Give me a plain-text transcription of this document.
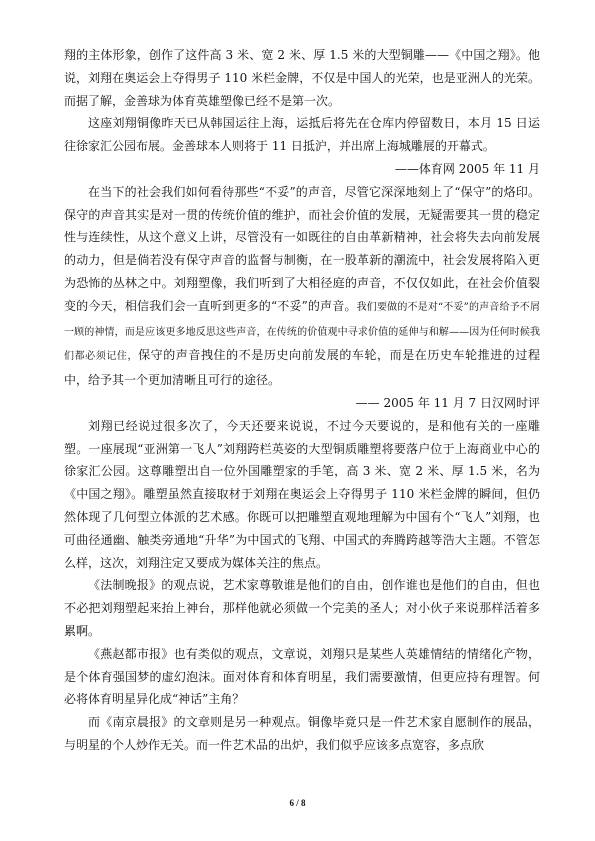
翔的主体形象，创作了这件高 3 米、宽 2 米、厚 1.5 米的大型铜雕——《中国之翔》。他说，刘翔在奥运会上夺得男子 110 米栏金牌，不仅是中国人的光荣，也是亚洲人的光荣。而据了解，金善球为体育英雄塑像已经不是第一次。

这座刘翔铜像昨天已从韩国运往上海，运抵后将先在仓库内停留数日，本月 15 日运往徐家汇公园布展。金善球本人则将于 11 日抵沪，并出席上海城雕展的开幕式。

——体育网 2005 年 11 月

在当下的社会我们如何看待那些“不妥”的声音，尽管它深深地刻上了“保守”的烙印。保守的声音其实是对一贯的传统价值的维护，而社会价值的发展，无疑需要其一贯的稳定性与连续性，从这个意义上讲，尽管没有一如既往的自由革新精神，社会将失去向前发展的动力，但是倘若没有保守声音的监督与制衡，在一股革新的潮流中，社会发展将陷入更为恐怖的丛林之中。刘翔塑像，我们听到了大相径庭的声音，不仅仅如此，在社会价值裂变的今天，相信我们会一直听到更多的“不妥”的声音。我们要做的不是对“不妥”的声音给予不屑一顾的神情，而是应该更多地反思这些声音，在传统的价值观中寻求价值的延伸与和解——因为任何时候我们都必须记住，保守的声音拽住的不是历史向前发展的车轮，而是在历史车轮推进的过程中，给予其一个更加清晰且可行的途径。

—— 2005 年 11 月 7 日汉网时评

刘翔已经说过很多次了，今天还要来说说，不过今天要说的，是和他有关的一座雕塑。一座展现“亚洲第一飞人”刘翔跨栏英姿的大型铜质雕塑将要落户位于上海商业中心的徐家汇公园。这尊雕塑出自一位外国雕塑家的手笔，高 3 米、宽 2 米、厚 1.5 米，名为《中国之翔》。雕塑虽然直接取材于刘翔在奥运会上夺得男子 110 米栏金牌的瞬间，但仍然体现了几何型立体派的艺术感。你既可以把雕塑直观地理解为中国有个“飞人”刘翔，也可曲径通幽、触类旁通地“升华”为中国式的飞翔、中国式的奔腾跨越等浩大主题。不管怎么样，这次，刘翔注定又要成为媒体关注的焦点。

《法制晚报》的观点说，艺术家尊敬谁是他们的自由，创作谁也是他们的自由，但也不必把刘翔塑起来抬上神台，那样他就必须做一个完美的圣人；对小伙子来说那样活着多累啊。

《燕赵都市报》也有类似的观点，文章说，刘翔只是某些人英雄情结的情绪化产物，是个体育强国梦的虚幻泡沫。面对体育和体育明星，我们需要激情，但更应持有理智。何必将体育明星异化成“神话”主角？

而《南京晨报》的文章则是另一种观点。铜像毕竟只是一件艺术家自愿制作的展品，与明星的个人炒作无关。而一件艺术品的出炉，我们似乎应该多点宽容，多点欣

6 / 8
